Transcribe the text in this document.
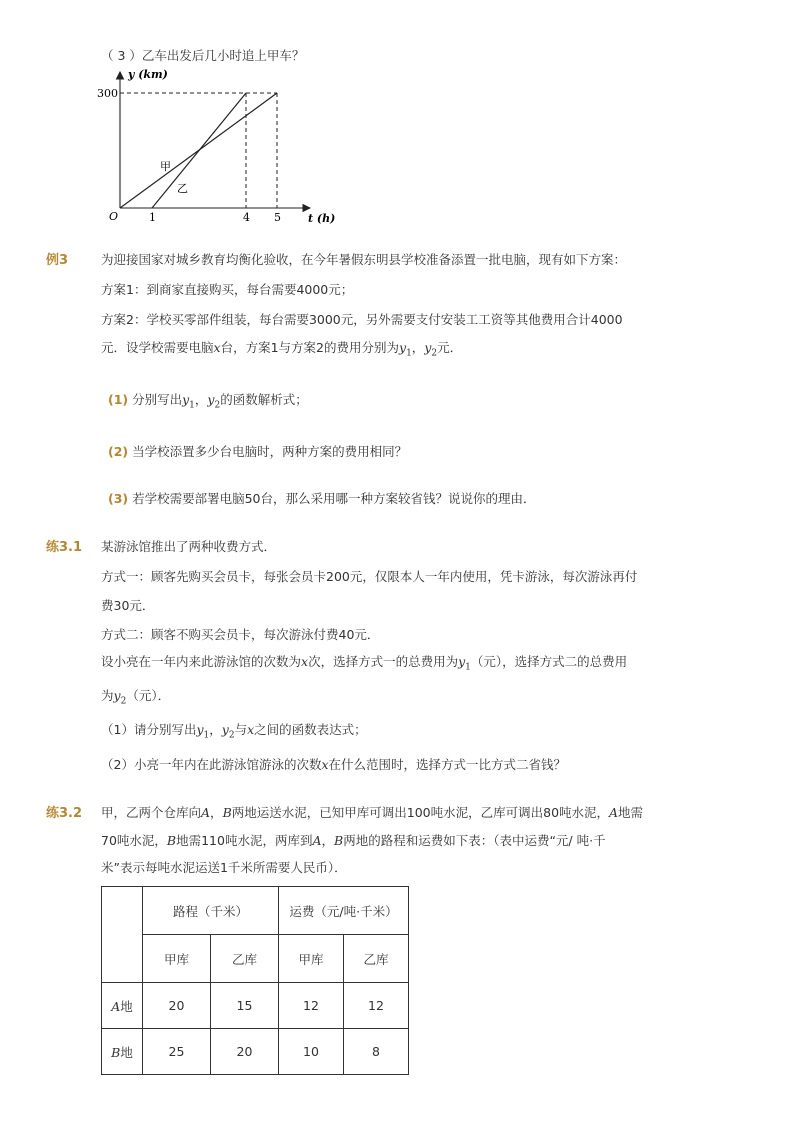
（ 3 ）乙车出发后几小时追上甲车？
y (km)
300
O	1	4 5 t (h)
甲
乙
例3	为迎接国家对城乡教育均衡化验收，在今年暑假东明县学校准备添置一批电脑，现有如下方案：
方案1：到商家直接购买，每台需要4000元；
方案2：学校买零部件组装，每台需要3000元，另外需要支付安装工工资等其他费用合计4000
元．设学校需要电脑x台，方案1与方案2的费用分别为$y_1$，$y_2$元．
(1) 分别写出$y_1$，$y_2$的函数解析式；
(2) 当学校添置多少台电脑时，两种方案的费用相同？
(3) 若学校需要部署电脑50台，那么采用哪一种方案较省钱？说说你的理由．
练3.1 某游泳馆推出了两种收费方式．
方式一：顾客先购买会员卡，每张会员卡200元，仅限本人一年内使用，凭卡游泳，每次游泳再付
费30元．
方式二：顾客不购买会员卡，每次游泳付费40元．
设小亮在一年内来此游泳馆的次数为x次，选择方式一的总费用为$y_1$（元），选择方式二的总费用
为$y_2$（元）．
（1）请分别写出$y_1$，$y_2$与x之间的函数表达式；
（2）小亮一年内在此游泳馆游泳的次数x在什么范围时，选择方式一比方式二省钱？
练3.2 甲，乙两个仓库向A，B两地运送水泥，已知甲库可调出100吨水泥，乙库可调出80吨水泥，A地需
70吨水泥，B地需110吨水泥，两库到A，B两地的路程和运费如下表：（表中运费“元/ 吨·千
米”表示每吨水泥运送1千米所需要人民币）．
	路程（千米）		运费（元/吨·千米）	
	甲库	乙库	甲库	乙库
A地	20	15	12	12
B地	25	20	10	8
